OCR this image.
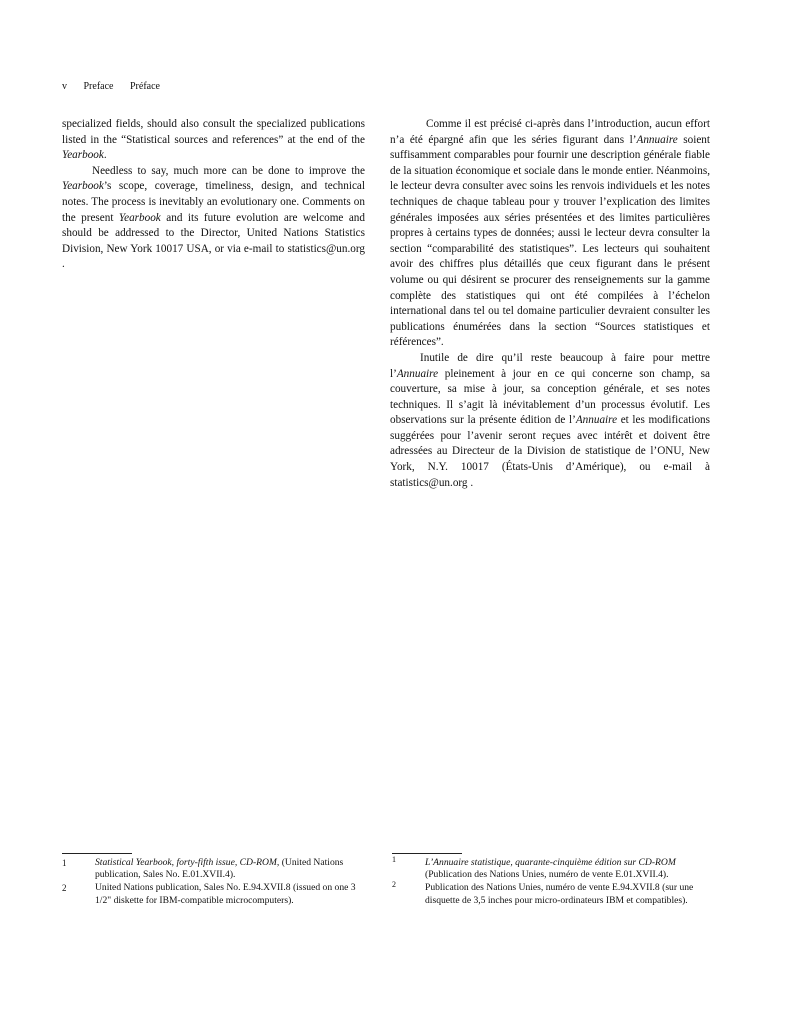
v Preface Préface

specialized fields, should also consult the specialized publications listed in the “Statistical sources and references” at the end of the Yearbook.

Needless to say, much more can be done to improve the Yearbook’s scope, coverage, timeliness, design, and technical notes. The process is inevitably an evolutionary one. Comments on the present Yearbook and its future evolution are welcome and should be addressed to the Director, United Nations Statistics Division, New York 10017 USA, or via e-mail to statistics@un.org .

Comme il est précisé ci-après dans l’introduction, aucun effort n’a été épargné afin que les séries figurant dans l’Annuaire soient suffisamment comparables pour fournir une description générale fiable de la situation économique et sociale dans le monde entier. Néanmoins, le lecteur devra consulter avec soins les renvois individuels et les notes techniques de chaque tableau pour y trouver l’explication des limites générales imposées aux séries présentées et des limites particulières propres à certains types de données; aussi le lecteur devra consulter la section “comparabilité des statistiques”. Les lecteurs qui souhaitent avoir des chiffres plus détaillés que ceux figurant dans le présent volume ou qui désirent se procurer des renseignements sur la gamme complète des statistiques qui ont été compilées à l’échelon international dans tel ou tel domaine particulier devraient consulter les publications énumérées dans la section “Sources statistiques et références”.

Inutile de dire qu’il reste beaucoup à faire pour mettre l’Annuaire pleinement à jour en ce qui concerne son champ, sa couverture, sa mise à jour, sa conception générale, et ses notes techniques. Il s’agit là inévitablement d’un processus évolutif. Les observations sur la présente édition de l’Annuaire et les modifications suggérées pour l’avenir seront reçues avec intérêt et doivent être adressées au Directeur de la Division de statistique de l’ONU, New York, N.Y. 10017 (États-Unis d’Amérique), ou e-mail à statistics@un.org .

1	Statistical Yearbook, forty-fifth issue, CD-ROM, (United Nations publication, Sales No. E.01.XVII.4).
2	United Nations publication, Sales No. E.94.XVII.8 (issued on one 3 1/2" diskette for IBM-compatible microcomputers).
1	L’Annuaire statistique, quarante-cinquième édition sur CD-ROM (Publication des Nations Unies, numéro de vente E.01.XVII.4).
2	Publication des Nations Unies, numéro de vente E.94.XVII.8 (sur une disquette de 3,5 inches pour micro-ordinateurs IBM et compatibles).
